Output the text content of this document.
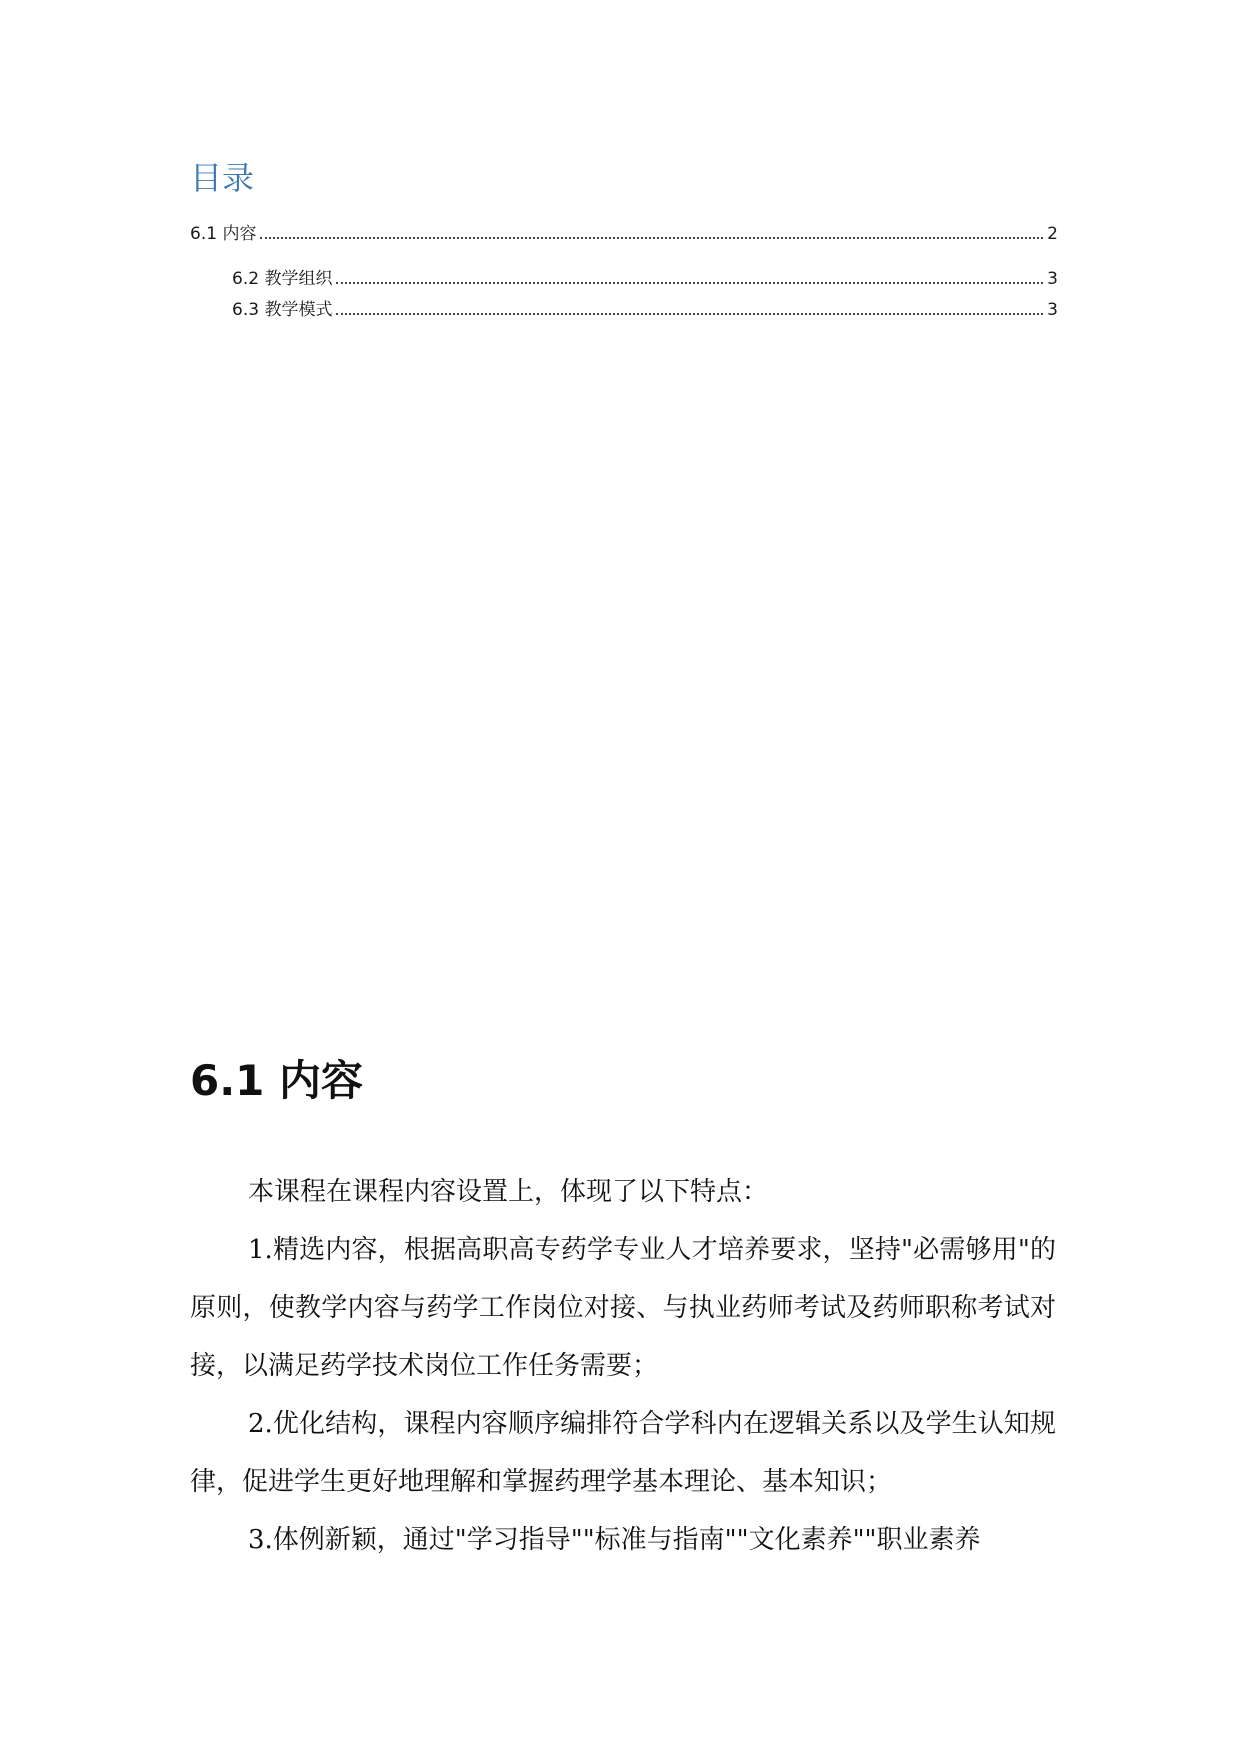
目录
6.1 内容	2
6.2 教学组织	3
6.3 教学模式	3
6.1 内容

本课程在课程内容设置上，体现了以下特点：

1.精选内容，根据高职高专药学专业人才培养要求，坚持"必需够用"的原则，使教学内容与药学工作岗位对接、与执业药师考试及药师职称考试对接，以满足药学技术岗位工作任务需要；

2.优化结构，课程内容顺序编排符合学科内在逻辑关系以及学生认知规律，促进学生更好地理解和掌握药理学基本理论、基本知识；

3.体例新颖，通过"学习指导""标准与指南""文化素养""职业素养
